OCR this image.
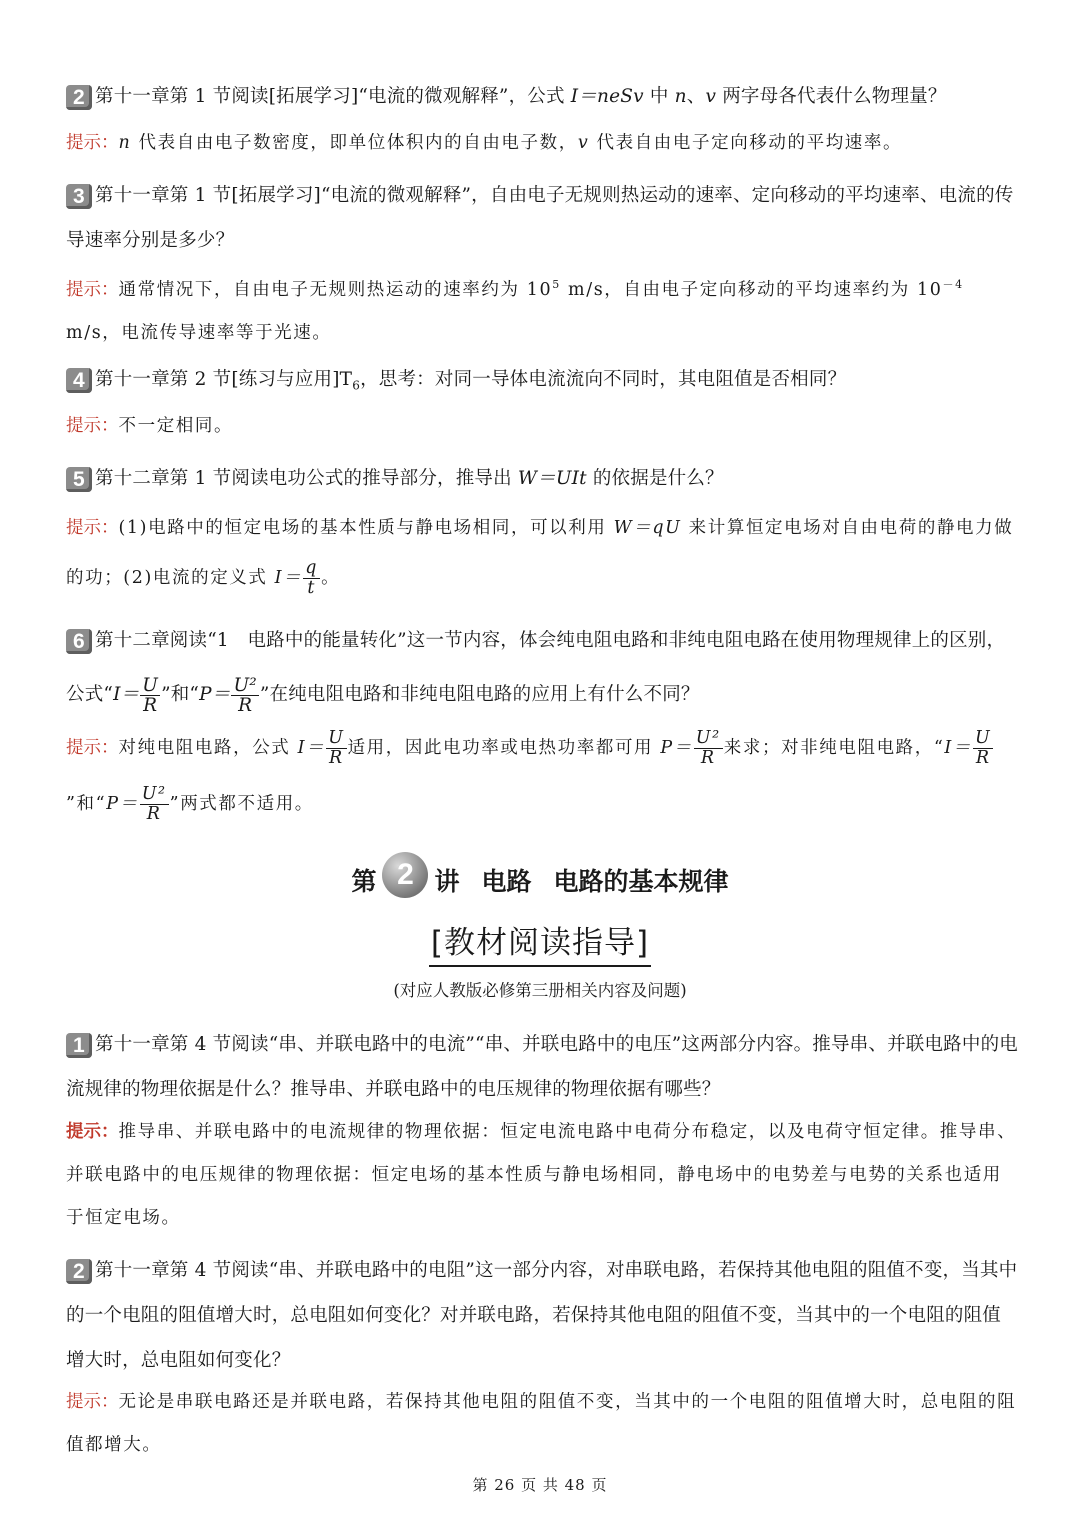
2 第十一章第 1 节阅读[拓展学习]“电流的微观解释”，公式 I＝neSv 中 n、v 两字母各代表什么物理量？
提示：n 代表自由电子数密度，即单位体积内的自由电子数，v 代表自由电子定向移动的平均速率。
3 第十一章第 1 节[拓展学习]“电流的微观解释”，自由电子无规则热运动的速率、定向移动的平均速率、电流的传导速率分别是多少？
提示：通常情况下，自由电子无规则热运动的速率约为 $10^5$ m/s，自由电子定向移动的平均速率约为 $10^{-4}$ m/s，电流传导速率等于光速。
4 第十一章第 2 节[练习与应用]$T_6$，思考：对同一导体电流流向不同时，其电阻值是否相同？
提示：不一定相同。
5 第十二章第 1 节阅读电功公式的推导部分，推导出 W＝UIt 的依据是什么？
提示：(1)电路中的恒定电场的基本性质与静电场相同，可以利用 W＝qU 来计算恒定电场对自由电荷的静电力做的功；(2)电流的定义式 $I= \frac{q}{t}$ 。
6 第十二章阅读“1　电路中的能量转化”这一节内容，体会纯电阻电路和非纯电阻电路在使用物理规律上的区别，公式“$I= \frac{U}{R}$ ”和“$P= \frac{\text{U²}}{R}$ ”在纯电阻电路和非纯电阻电路的应用上有什么不同？
提示：对纯电阻电路，公式 $I= \frac{U}{R}$ 适用，因此电功率或电热功率都可用 $P= \frac{\text{U²}}{R}$ 来求；对非纯电阻电路，“$I= \frac{U}{R}$
”和“$P= \frac{\text{U²}}{R}$ ”两式都不适用。
第 2 讲 电路 电路的基本规律
[教材阅读指导]
(对应人教版必修第三册相关内容及问题)
1 第十一章第 4 节阅读“串、并联电路中的电流”“串、并联电路中的电压”这两部分内容。推导串、并联电路中的电流规律的物理依据是什么？推导串、并联电路中的电压规律的物理依据有哪些？
提示：推导串、并联电路中的电流规律的物理依据：恒定电流电路中电荷分布稳定，以及电荷守恒定律。推导串、并联电路中的电压规律的物理依据：恒定电场的基本性质与静电场相同，静电场中的电势差与电势的关系也适用于恒定电场。
2 第十一章第 4 节阅读“串、并联电路中的电阻”这一部分内容，对串联电路，若保持其他电阻的阻值不变，当其中的一个电阻的阻值增大时，总电阻如何变化？对并联电路，若保持其他电阻的阻值不变，当其中的一个电阻的阻值增大时，总电阻如何变化？
提示：无论是串联电路还是并联电路，若保持其他电阻的阻值不变，当其中的一个电阻的阻值增大时，总电阻的阻值都增大。
第 26 页 共 48 页
